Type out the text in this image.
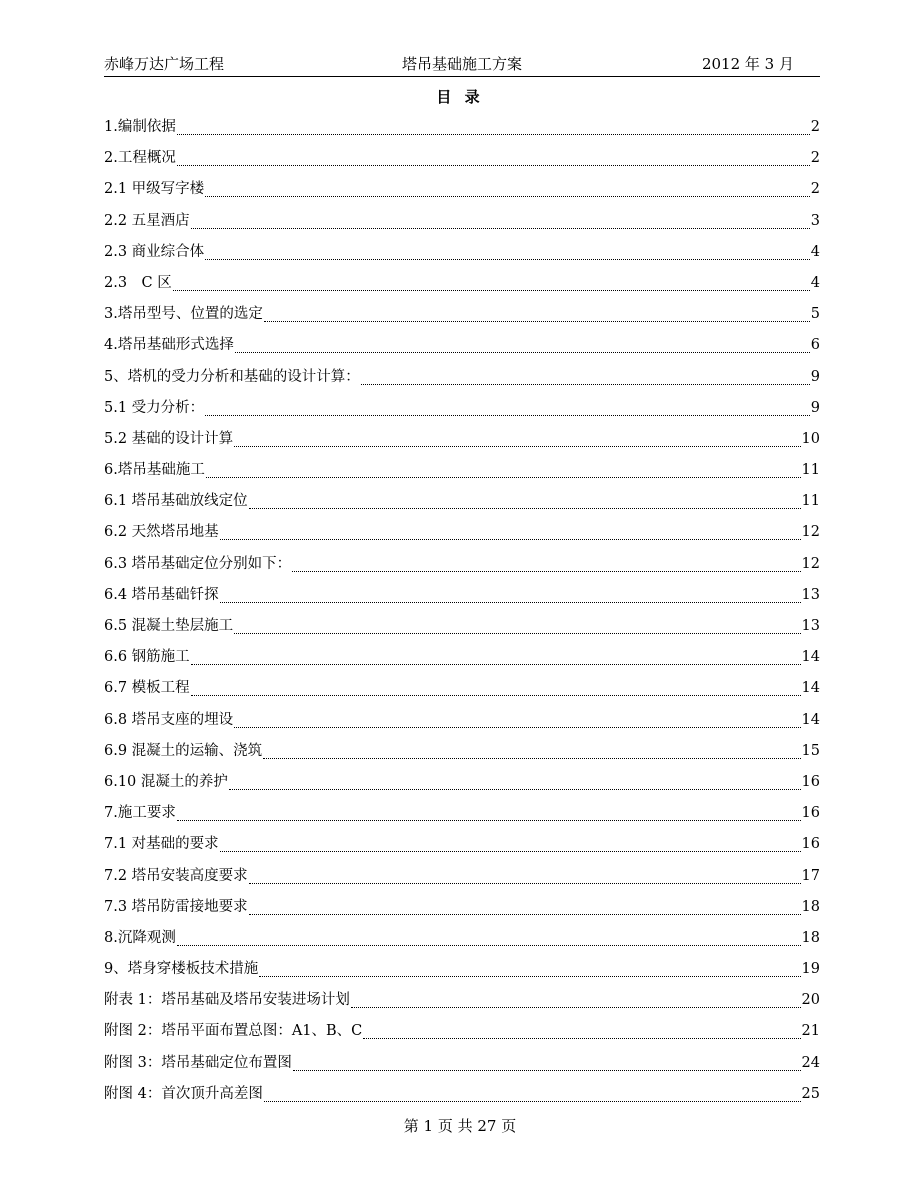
赤峰万达广场工程	塔吊基础施工方案	2012 年 3 月
目 录
1.编制依据	2
2.工程概况	2
2.1 甲级写字楼	2
2.2 五星酒店	3
2.3 商业综合体	4
2.3　C 区	4
3.塔吊型号、位置的选定	5
4.塔吊基础形式选择	6
5、塔机的受力分析和基础的设计计算：	9
5.1 受力分析：	9
5.2 基础的设计计算	10
6.塔吊基础施工	11
6.1 塔吊基础放线定位	11
6.2 天然塔吊地基	12
6.3 塔吊基础定位分别如下：	12
6.4 塔吊基础钎探	13
6.5 混凝土垫层施工	13
6.6 钢筋施工	14
6.7 模板工程	14
6.8 塔吊支座的埋设	14
6.9 混凝土的运输、浇筑	15
6.10 混凝土的养护	16
7.施工要求	16
7.1 对基础的要求	16
7.2 塔吊安装高度要求	17
7.3 塔吊防雷接地要求	18
8.沉降观测	18
9、塔身穿楼板技术措施	19
附表 1：塔吊基础及塔吊安装进场计划	20
附图 2：塔吊平面布置总图：A1、B、C	21
附图 3：塔吊基础定位布置图	24
附图 4：首次顶升高差图	25
第 1 页 共 27 页
